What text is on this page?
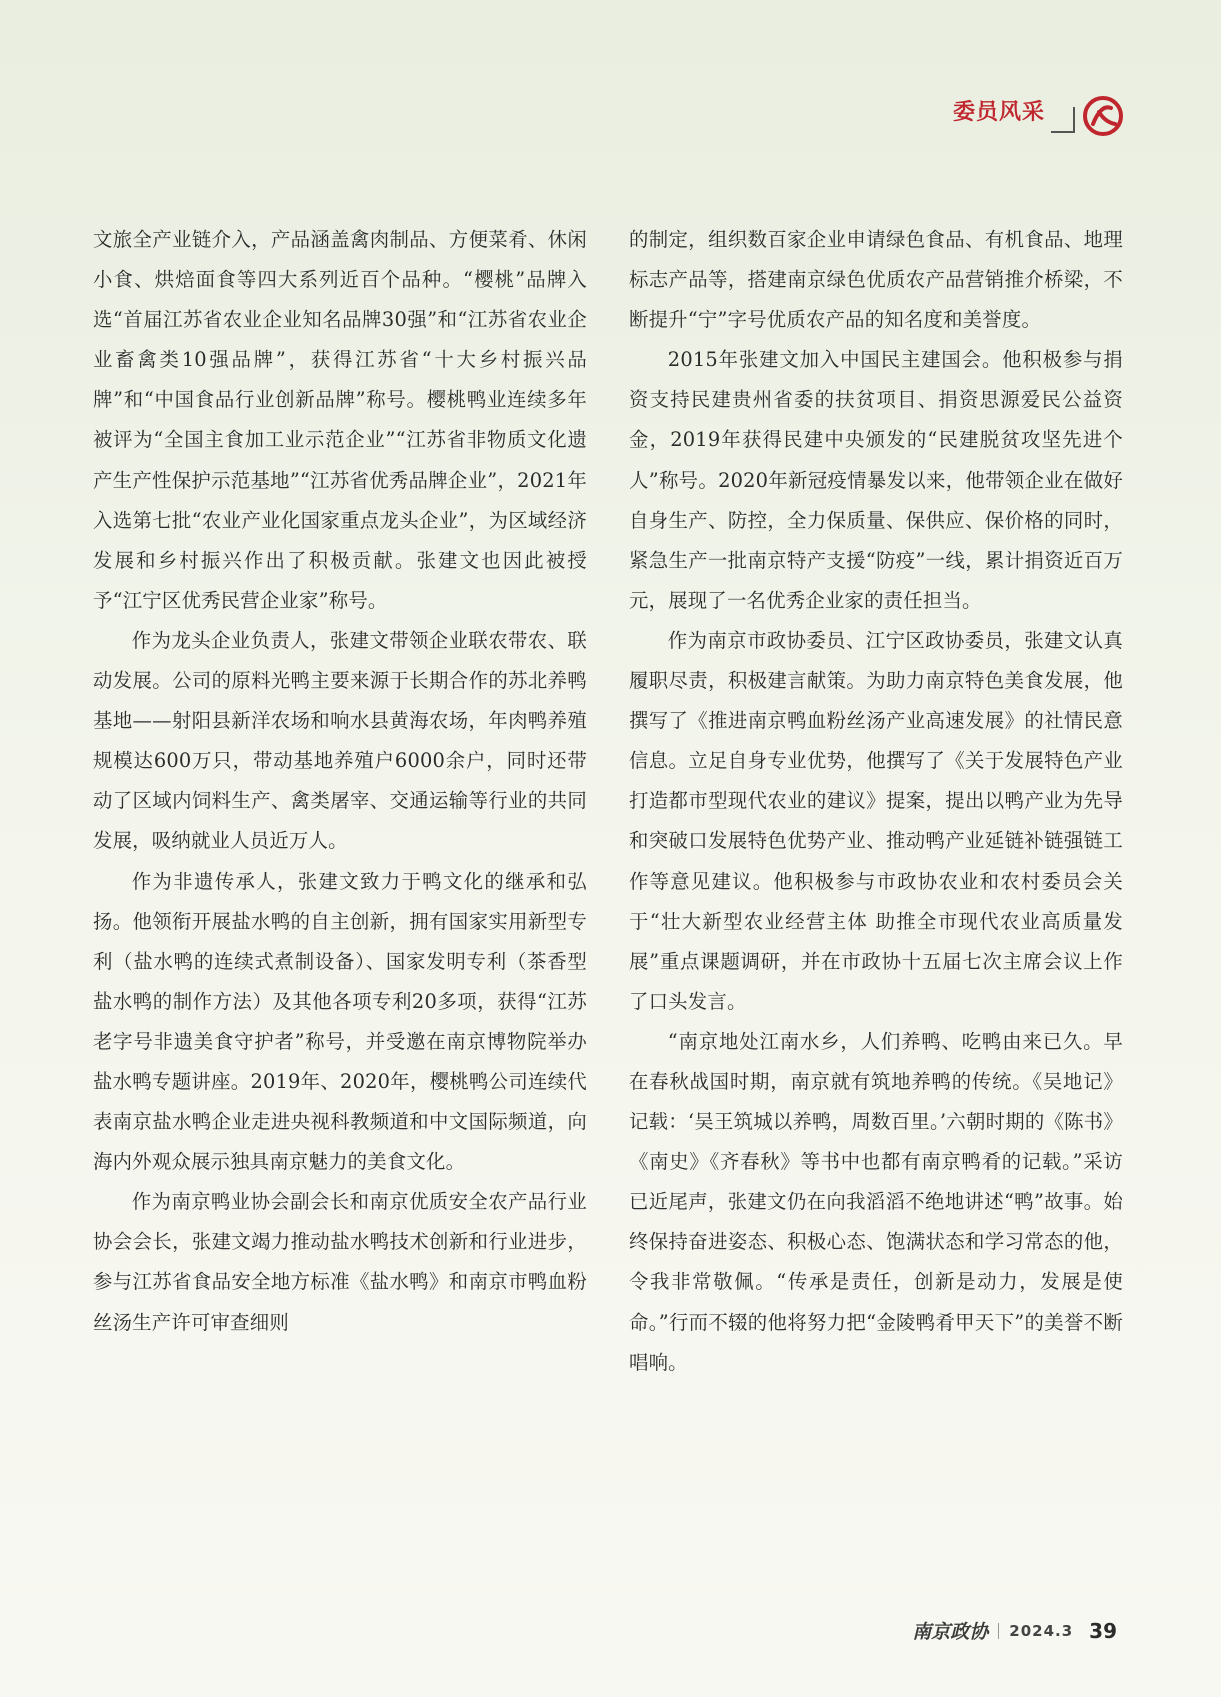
委员风采

文旅全产业链介入，产品涵盖禽肉制品、方便菜肴、休闲小食、烘焙面食等四大系列近百个品种。“樱桃”品牌入选“首届江苏省农业企业知名品牌30强”和“江苏省农业企业畜禽类10强品牌”，获得江苏省“十大乡村振兴品牌”和“中国食品行业创新品牌”称号。樱桃鸭业连续多年被评为“全国主食加工业示范企业”“江苏省非物质文化遗产生产性保护示范基地”“江苏省优秀品牌企业”，2021年入选第七批“农业产业化国家重点龙头企业”，为区域经济发展和乡村振兴作出了积极贡献。张建文也因此被授予“江宁区优秀民营企业家”称号。

作为龙头企业负责人，张建文带领企业联农带农、联动发展。公司的原料光鸭主要来源于长期合作的苏北养鸭基地——射阳县新洋农场和响水县黄海农场，年肉鸭养殖规模达600万只，带动基地养殖户6000余户，同时还带动了区域内饲料生产、禽类屠宰、交通运输等行业的共同发展，吸纳就业人员近万人。

作为非遗传承人，张建文致力于鸭文化的继承和弘扬。他领衔开展盐水鸭的自主创新，拥有国家实用新型专利（盐水鸭的连续式煮制设备）、国家发明专利（茶香型盐水鸭的制作方法）及其他各项专利20多项，获得“江苏老字号非遗美食守护者”称号，并受邀在南京博物院举办盐水鸭专题讲座。2019年、2020年，樱桃鸭公司连续代表南京盐水鸭企业走进央视科教频道和中文国际频道，向海内外观众展示独具南京魅力的美食文化。

作为南京鸭业协会副会长和南京优质安全农产品行业协会会长，张建文竭力推动盐水鸭技术创新和行业进步，参与江苏省食品安全地方标准《盐水鸭》和南京市鸭血粉丝汤生产许可审查细则

的制定，组织数百家企业申请绿色食品、有机食品、地理标志产品等，搭建南京绿色优质农产品营销推介桥梁，不断提升“宁”字号优质农产品的知名度和美誉度。

2015年张建文加入中国民主建国会。他积极参与捐资支持民建贵州省委的扶贫项目、捐资思源爱民公益资金，2019年获得民建中央颁发的“民建脱贫攻坚先进个人”称号。2020年新冠疫情暴发以来，他带领企业在做好自身生产、防控，全力保质量、保供应、保价格的同时，紧急生产一批南京特产支援“防疫”一线，累计捐资近百万元，展现了一名优秀企业家的责任担当。

作为南京市政协委员、江宁区政协委员，张建文认真履职尽责，积极建言献策。为助力南京特色美食发展，他撰写了《推进南京鸭血粉丝汤产业高速发展》的社情民意信息。立足自身专业优势，他撰写了《关于发展特色产业打造都市型现代农业的建议》提案，提出以鸭产业为先导和突破口发展特色优势产业、推动鸭产业延链补链强链工作等意见建议。他积极参与市政协农业和农村委员会关于“壮大新型农业经营主体 助推全市现代农业高质量发展”重点课题调研，并在市政协十五届七次主席会议上作了口头发言。

“南京地处江南水乡，人们养鸭、吃鸭由来已久。早在春秋战国时期，南京就有筑地养鸭的传统。《吴地记》记载：‘吴王筑城以养鸭，周数百里。’六朝时期的《陈书》《南史》《齐春秋》等书中也都有南京鸭肴的记载。”采访已近尾声，张建文仍在向我滔滔不绝地讲述“鸭”故事。始终保持奋进姿态、积极心态、饱满状态和学习常态的他，令我非常敬佩。“传承是责任，创新是动力，发展是使命。”行而不辍的他将努力把“金陵鸭肴甲天下”的美誉不断唱响。

南京政协 2024.3 39
